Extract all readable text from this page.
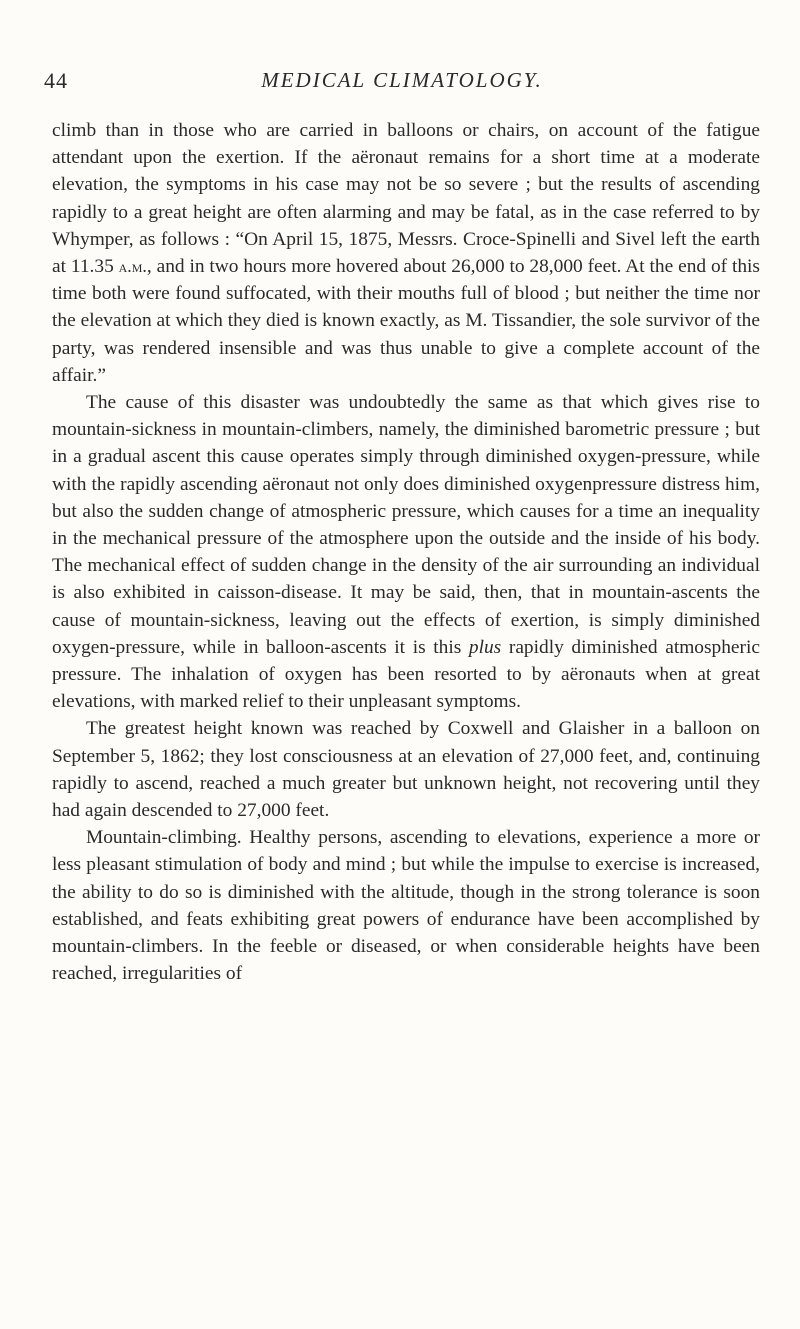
44	MEDICAL CLIMATOLOGY.

climb than in those who are carried in balloons or chairs, on account of the fatigue attendant upon the exertion. If the aëronaut remains for a short time at a moderate elevation, the symptoms in his case may not be so severe ; but the results of ascending rapidly to a great height are often alarming and may be fatal, as in the case referred to by Whymper, as follows : “On April 15, 1875, Messrs. Croce-Spinelli and Sivel left the earth at 11.35 a.m., and in two hours more hovered about 26,000 to 28,000 feet. At the end of this time both were found suffocated, with their mouths full of blood ; but neither the time nor the elevation at which they died is known exactly, as M. Tissandier, the sole survivor of the party, was rendered insensible and was thus unable to give a complete account of the affair.”

The cause of this disaster was undoubtedly the same as that which gives rise to mountain-sickness in mountain-climbers, namely, the diminished barometric pressure ; but in a gradual ascent this cause operates simply through diminished oxygen-pressure, while with the rapidly ascending aëronaut not only does diminished oxygenpressure distress him, but also the sudden change of atmospheric pressure, which causes for a time an inequality in the mechanical pressure of the atmosphere upon the outside and the inside of his body. The mechanical effect of sudden change in the density of the air surrounding an individual is also exhibited in caisson-disease. It may be said, then, that in mountain-ascents the cause of mountain-sickness, leaving out the effects of exertion, is simply diminished oxygen-pressure, while in balloon-ascents it is this plus rapidly diminished atmospheric pressure. The inhalation of oxygen has been resorted to by aëronauts when at great elevations, with marked relief to their unpleasant symptoms.

The greatest height known was reached by Coxwell and Glaisher in a balloon on September 5, 1862; they lost consciousness at an elevation of 27,000 feet, and, continuing rapidly to ascend, reached a much greater but unknown height, not recovering until they had again descended to 27,000 feet.

Mountain-climbing. Healthy persons, ascending to elevations, experience a more or less pleasant stimulation of body and mind ; but while the impulse to exercise is increased, the ability to do so is diminished with the altitude, though in the strong tolerance is soon established, and feats exhibiting great powers of endurance have been accomplished by mountain-climbers. In the feeble or diseased, or when considerable heights have been reached, irregularities of
